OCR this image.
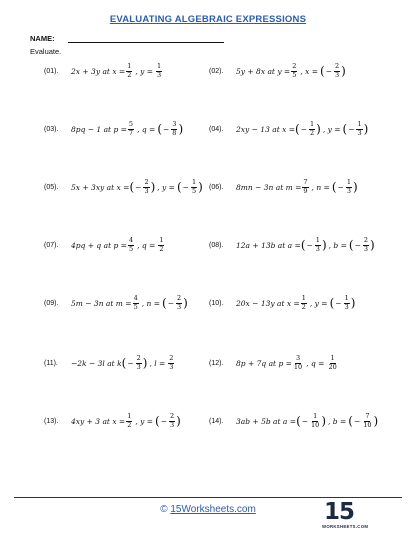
EVALUATING ALGEBRAIC EXPRESSIONS
NAME:
Evaluate.
(01).	2x + 3y at $x = \frac{1}{2}$ , $y = \frac{1}{3}$	(02).	5y + 8x at $y = \frac{2}{5}$ , x = ( − $\frac{2}{3}$ )
(03).	8pq − 1 at $p = \frac{5}{7}$ , q = ( − $\frac{3}{8}$ )	(04).	2xy − 13 at x = ( − $\frac{1}{2}$ ) , y = ( − $\frac{1}{3}$ )
(05).	5x + 3xy at x = ( − $\frac{2}{3}$ ) , y = ( − $\frac{1}{5}$ ) (06).	8mn − 3n at $m = \frac{7}{9}$ , n = ( − $\frac{1}{3}$ )
(07).	4pq + q at $p = \frac{4}{5}$ , $q = \frac{1}{2}$	(08).	12a + 13b at a = ( − $\frac{1}{3}$ ) , b = ( − $\frac{2}{3}$ )
(09).	5m − 3n at $m = \frac{4}{5}$ , n = ( − $\frac{2}{3}$ )	(10).	20x − 13y at $x = \frac{1}{2}$ , y = ( − $\frac{1}{3}$ )
(11).	−2k − 3l at k ( − $\frac{2}{3}$ ) , $l = \frac{2}{3}$	(12).	8p + 7q at $p = \frac{3}{10}$ , $q = \frac{1}{20}$
(13).	4xy + 3 at $x = \frac{1}{2}$ , y = ( − $\frac{2}{3}$ )	(14).	3ab + 5b at a = ( − $\frac{1}{10}$ ) , b = ( − $\frac{7}{10}$ )
© 15Worksheets.com	15
WORKSHEETS.COM
